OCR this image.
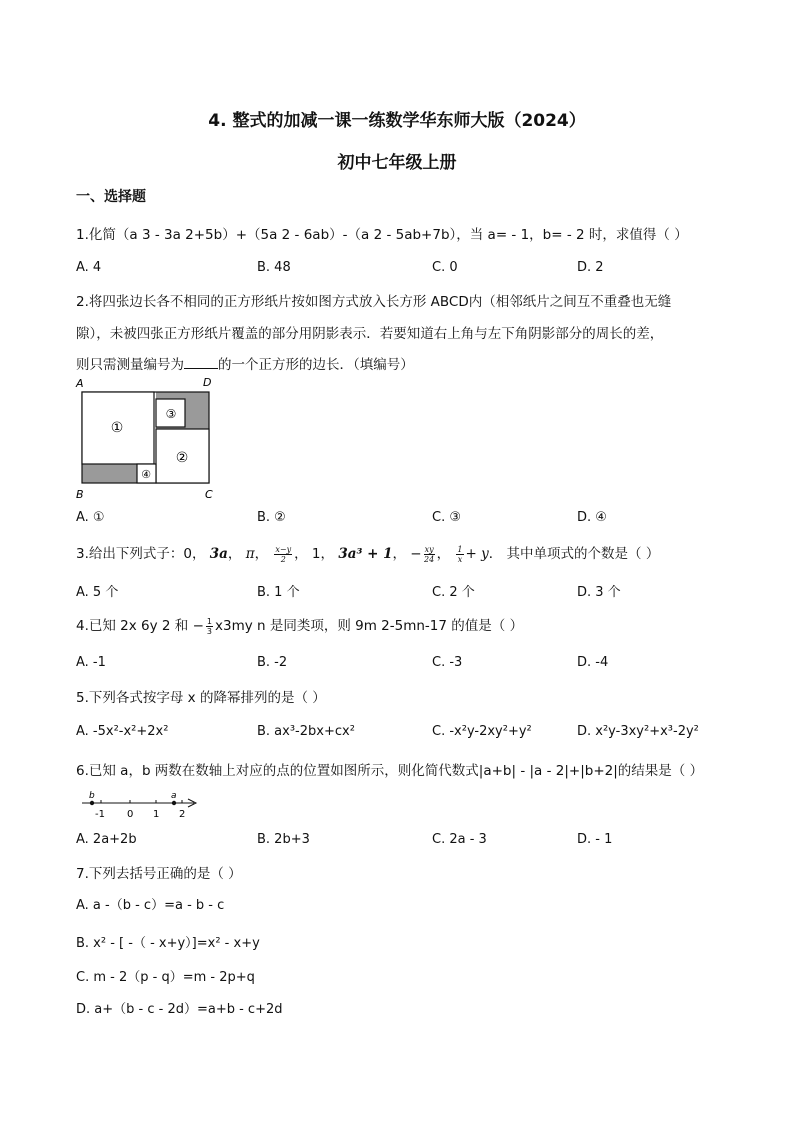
4. 整式的加减一课一练数学华东师大版（2024）
初中七年级上册
一、选择题
1.化简（a 3 - 3a 2+5b）+（5a 2 - 6ab）-（a 2 - 5ab+7b），当 a= - 1，b= - 2 时，求值得（ ）
A. 4	B. 48	C. 0	D. 2
2.将四张边长各不相同的正方形纸片按如图方式放入长方形 ABCD内（相邻纸片之间互不重叠也无缝
隙），未被四张正方形纸片覆盖的部分用阴影表示．若要知道右上角与左下角阴影部分的周长的差，
则只需测量编号为	的一个正方形的边长．（填编号）
①
②
③
④
A	D
B	C
A. ①	B. ②	C. ③	D. ④
3.给出下列式子：0， 3a， π， $\frac{x-y}{2}$ ， 1， 3a³ + 1， − $\frac{xy}{24}$ ， $\frac{1}{x} + y$． 其中单项式的个数是（ ）
A. 5 个	B. 1 个	C. 2 个	D. 3 个
4.已知 2x 6y 2 和 − $\frac{1}{3} x3my$ n 是同类项，则 9m 2-5mn-17 的值是（ ）
A. -1	B. -2	C. -3	D. -4
5.下列各式按字母 x 的降幂排列的是（ ）
A. -5x²-x²+2x²	B. ax³-2bx+cx²	C. -x²y-2xy²+y²	D. x²y-3xy²+x³-2y²
6.已知 a，b 两数在数轴上对应的点的位置如图所示，则化简代数式|a+b| - |a - 2|+|b+2|的结果是（ ）
b	a
-1 0 1 2
A. 2a+2b	B. 2b+3	C. 2a - 3	D. - 1
7.下列去括号正确的是（ ）
A. a -（b - c）=a - b - c
B. x² - [ -（ - x+y）]=x² - x+y
C. m - 2（p - q）=m - 2p+q
D. a+（b - c - 2d）=a+b - c+2d
